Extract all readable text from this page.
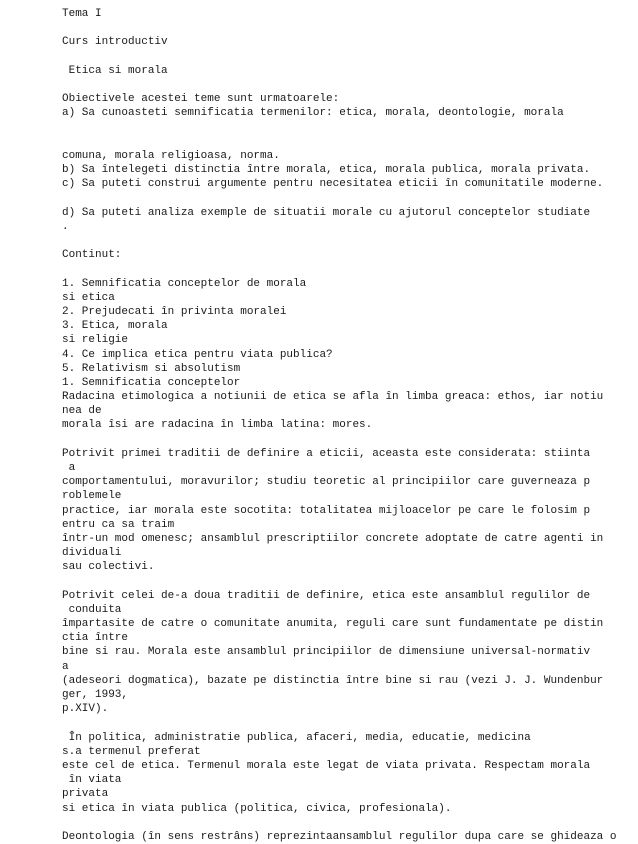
Tema I
Curs introductiv
Etica si morala
Obiectivele acestei teme sunt urmatoarele:
a) Sa cunoasteti semnificatia termenilor: etica, morala, deontologie, morala
comuna, morala religioasa, norma.
b) Sa întelegeti distinctia între morala, etica, morala publica, morala privata.
c) Sa puteti construi argumente pentru necesitatea eticii în comunitatile moderne.
d) Sa puteti analiza exemple de situatii morale cu ajutorul conceptelor studiate
.
Continut:
1. Semnificatia conceptelor de morala
si etica
2. Prejudecati în privinta moralei
3. Etica, morala
si religie
4. Ce implica etica pentru viata publica?
5. Relativism si absolutism
1. Semnificatia conceptelor
Radacina etimologica a notiunii de etica se afla în limba greaca: ethos, iar notiu
nea de
morala îsi are radacina în limba latina: mores.
Potrivit primei traditii de definire a eticii, aceasta este considerata: stiinta
a
comportamentului, moravurilor; studiu teoretic al principiilor care guverneaza p
roblemele
practice, iar morala este socotita: totalitatea mijloacelor pe care le folosim p
entru ca sa traim
într-un mod omenesc; ansamblul prescriptiilor concrete adoptate de catre agenti in
dividuali
sau colectivi.
Potrivit celei de-a doua traditii de definire, etica este ansamblul regulilor de
conduita
împartasite de catre o comunitate anumita, reguli care sunt fundamentate pe distin
ctia între
bine si rau. Morala este ansamblul principiilor de dimensiune universal-normativ
a
(adeseori dogmatica), bazate pe distinctia între bine si rau (vezi J. J. Wundenbur
ger, 1993,
p.XIV).
În politica, administratie publica, afaceri, media, educatie, medicina
s.a termenul preferat
este cel de etica. Termenul morala este legat de viata privata. Respectam morala
în viata
privata
si etica în viata publica (politica, civica, profesionala).
Deontologia (în sens restrâns) reprezintaansamblul regulilor dupa care se ghideaza o
